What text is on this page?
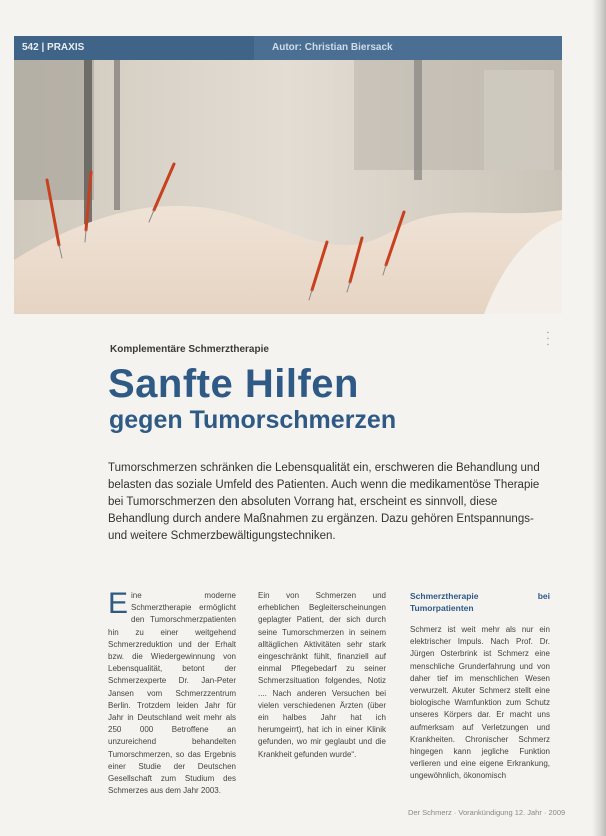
542 | PRAXIS	Autor: Christian Biersack
▪
▪
▪
Komplementäre Schmerztherapie
Sanfte Hilfen
gegen Tumorschmerzen
Tumorschmerzen schränken die Lebensqualität ein, erschweren die Behandlung und belasten das soziale Umfeld des Patienten. Auch wenn die medikamentöse Therapie bei Tumorschmerzen den absoluten Vorrang hat, erscheint es sinnvoll, diese Behandlung durch andere Maßnahmen zu ergänzen. Dazu gehören Entspannungs- und weitere Schmerzbewältigungstechniken.
Eine moderne Schmerztherapie ermöglicht den Tumorschmerzpatienten hin zu einer weitgehend Schmerzreduktion und der Erhalt bzw. die Wiedergewinnung von Lebensqualität, betont der Schmerzexperte Dr. Jan-Peter Jansen vom Schmerzzentrum Berlin. Trotzdem leiden Jahr für Jahr in Deutschland weit mehr als 250 000 Betroffene an unzureichend behandelten Tumorschmerzen, so das Ergebnis einer Studie der Deutschen Gesellschaft zum Studium des Schmerzes aus dem Jahr 2003.
Ein von Schmerzen und erheblichen Begleiterscheinungen geplagter Patient, der sich durch seine Tumorschmerzen in seinem alltäglichen Aktivitäten sehr stark eingeschränkt fühlt, finanziell auf einmal Pflegebedarf zu seiner Schmerzsituation folgendes, Notiz .... Nach anderen Versuchen bei vielen verschiedenen Ärzten (über ein halbes Jahr hat ich herumgeirrt), hat ich in einer Klinik gefunden, wo mir geglaubt und die Krankheit gefunden wurde“.
Schmerztherapie bei Tumorpatienten
Schmerz ist weit mehr als nur ein elektrischer Impuls. Nach Prof. Dr. Jürgen Osterbrink ist Schmerz eine menschliche Grunderfahrung und von daher tief im menschlichen Wesen verwurzelt. Akuter Schmerz stellt eine biologische Warnfunktion zum Schutz unseres Körpers dar. Er macht uns aufmerksam auf Verletzungen und Krankheiten. Chronischer Schmerz hingegen kann jegliche Funktion verlieren und eine eigene Erkrankung, ungewöhnlich, ökonomisch
Der Schmerz · Vorankündigung 12. Jahr · 2009
